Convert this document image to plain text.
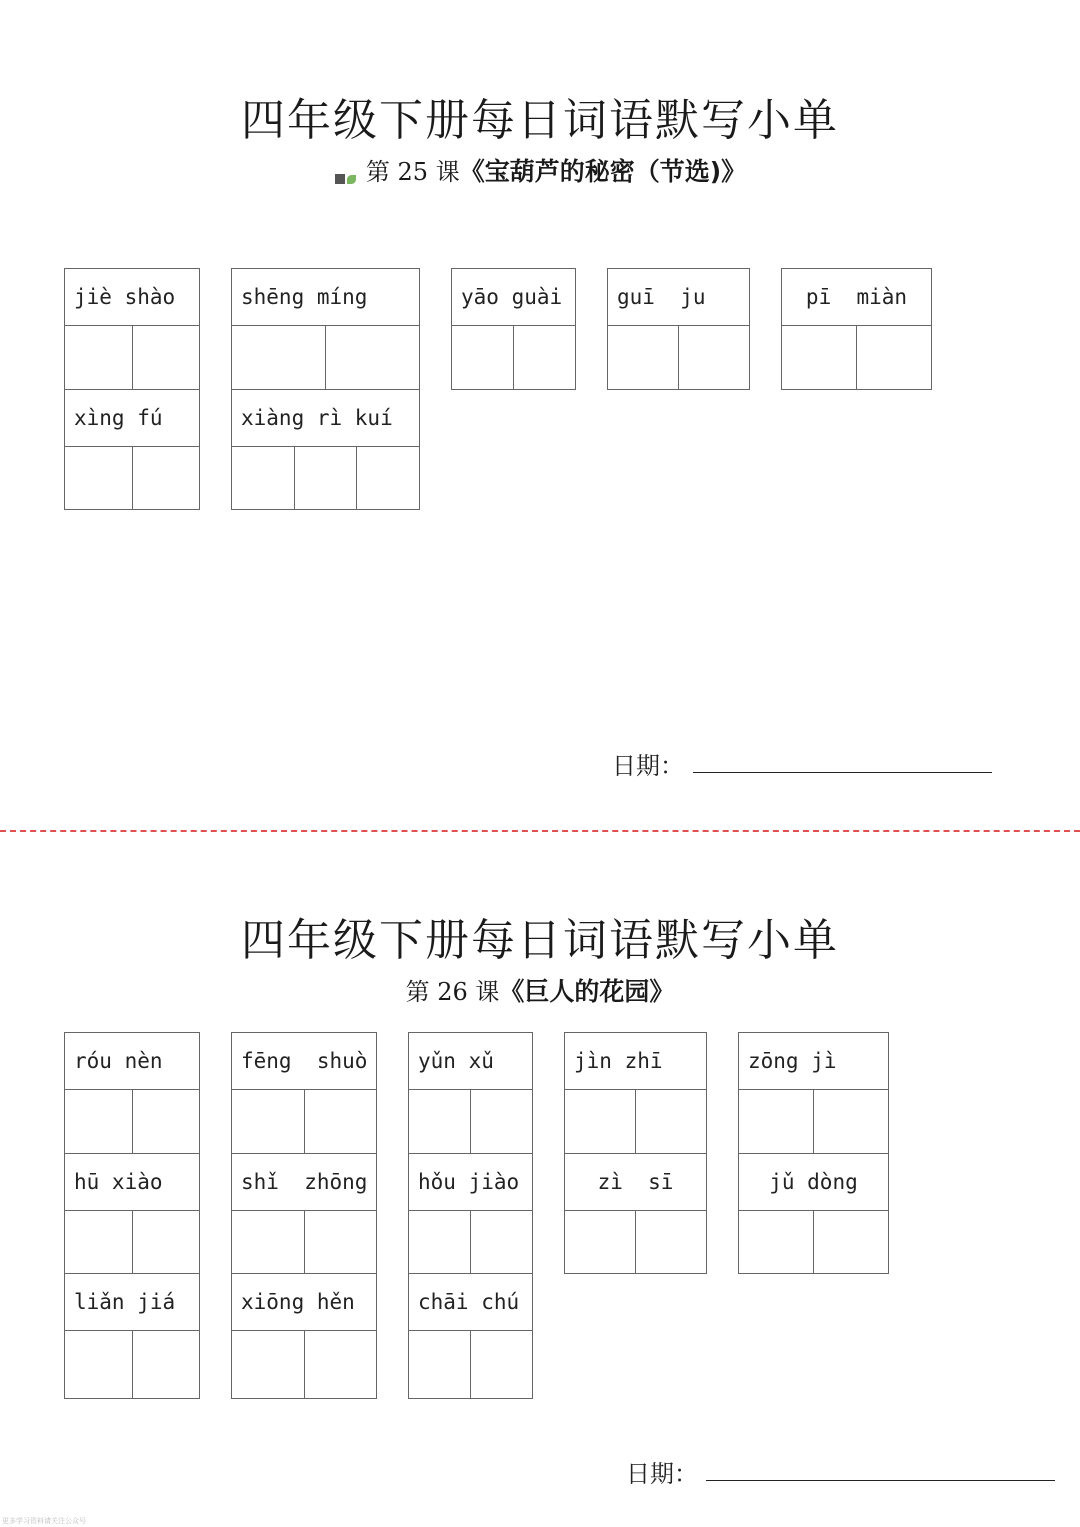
四年级下册每日词语默写小单
第 25 课《宝葫芦的秘密（节选)》
jiè shào	shēng míng	yāo guài	guī  ju	pī  miàn
xìng fú	xiàng rì kuí
日期：
四年级下册每日词语默写小单
第 26 课《巨人的花园》
róu nèn
hū xiào
liǎn jiá
fēng  shuò
shǐ  zhōng
xiōng hěn
yǔn xǔ
hǒu jiào
chāi chú
jìn zhī
zì  sī
zōng jì
jǔ dòng
日期：
更多学习资料请关注公众号
